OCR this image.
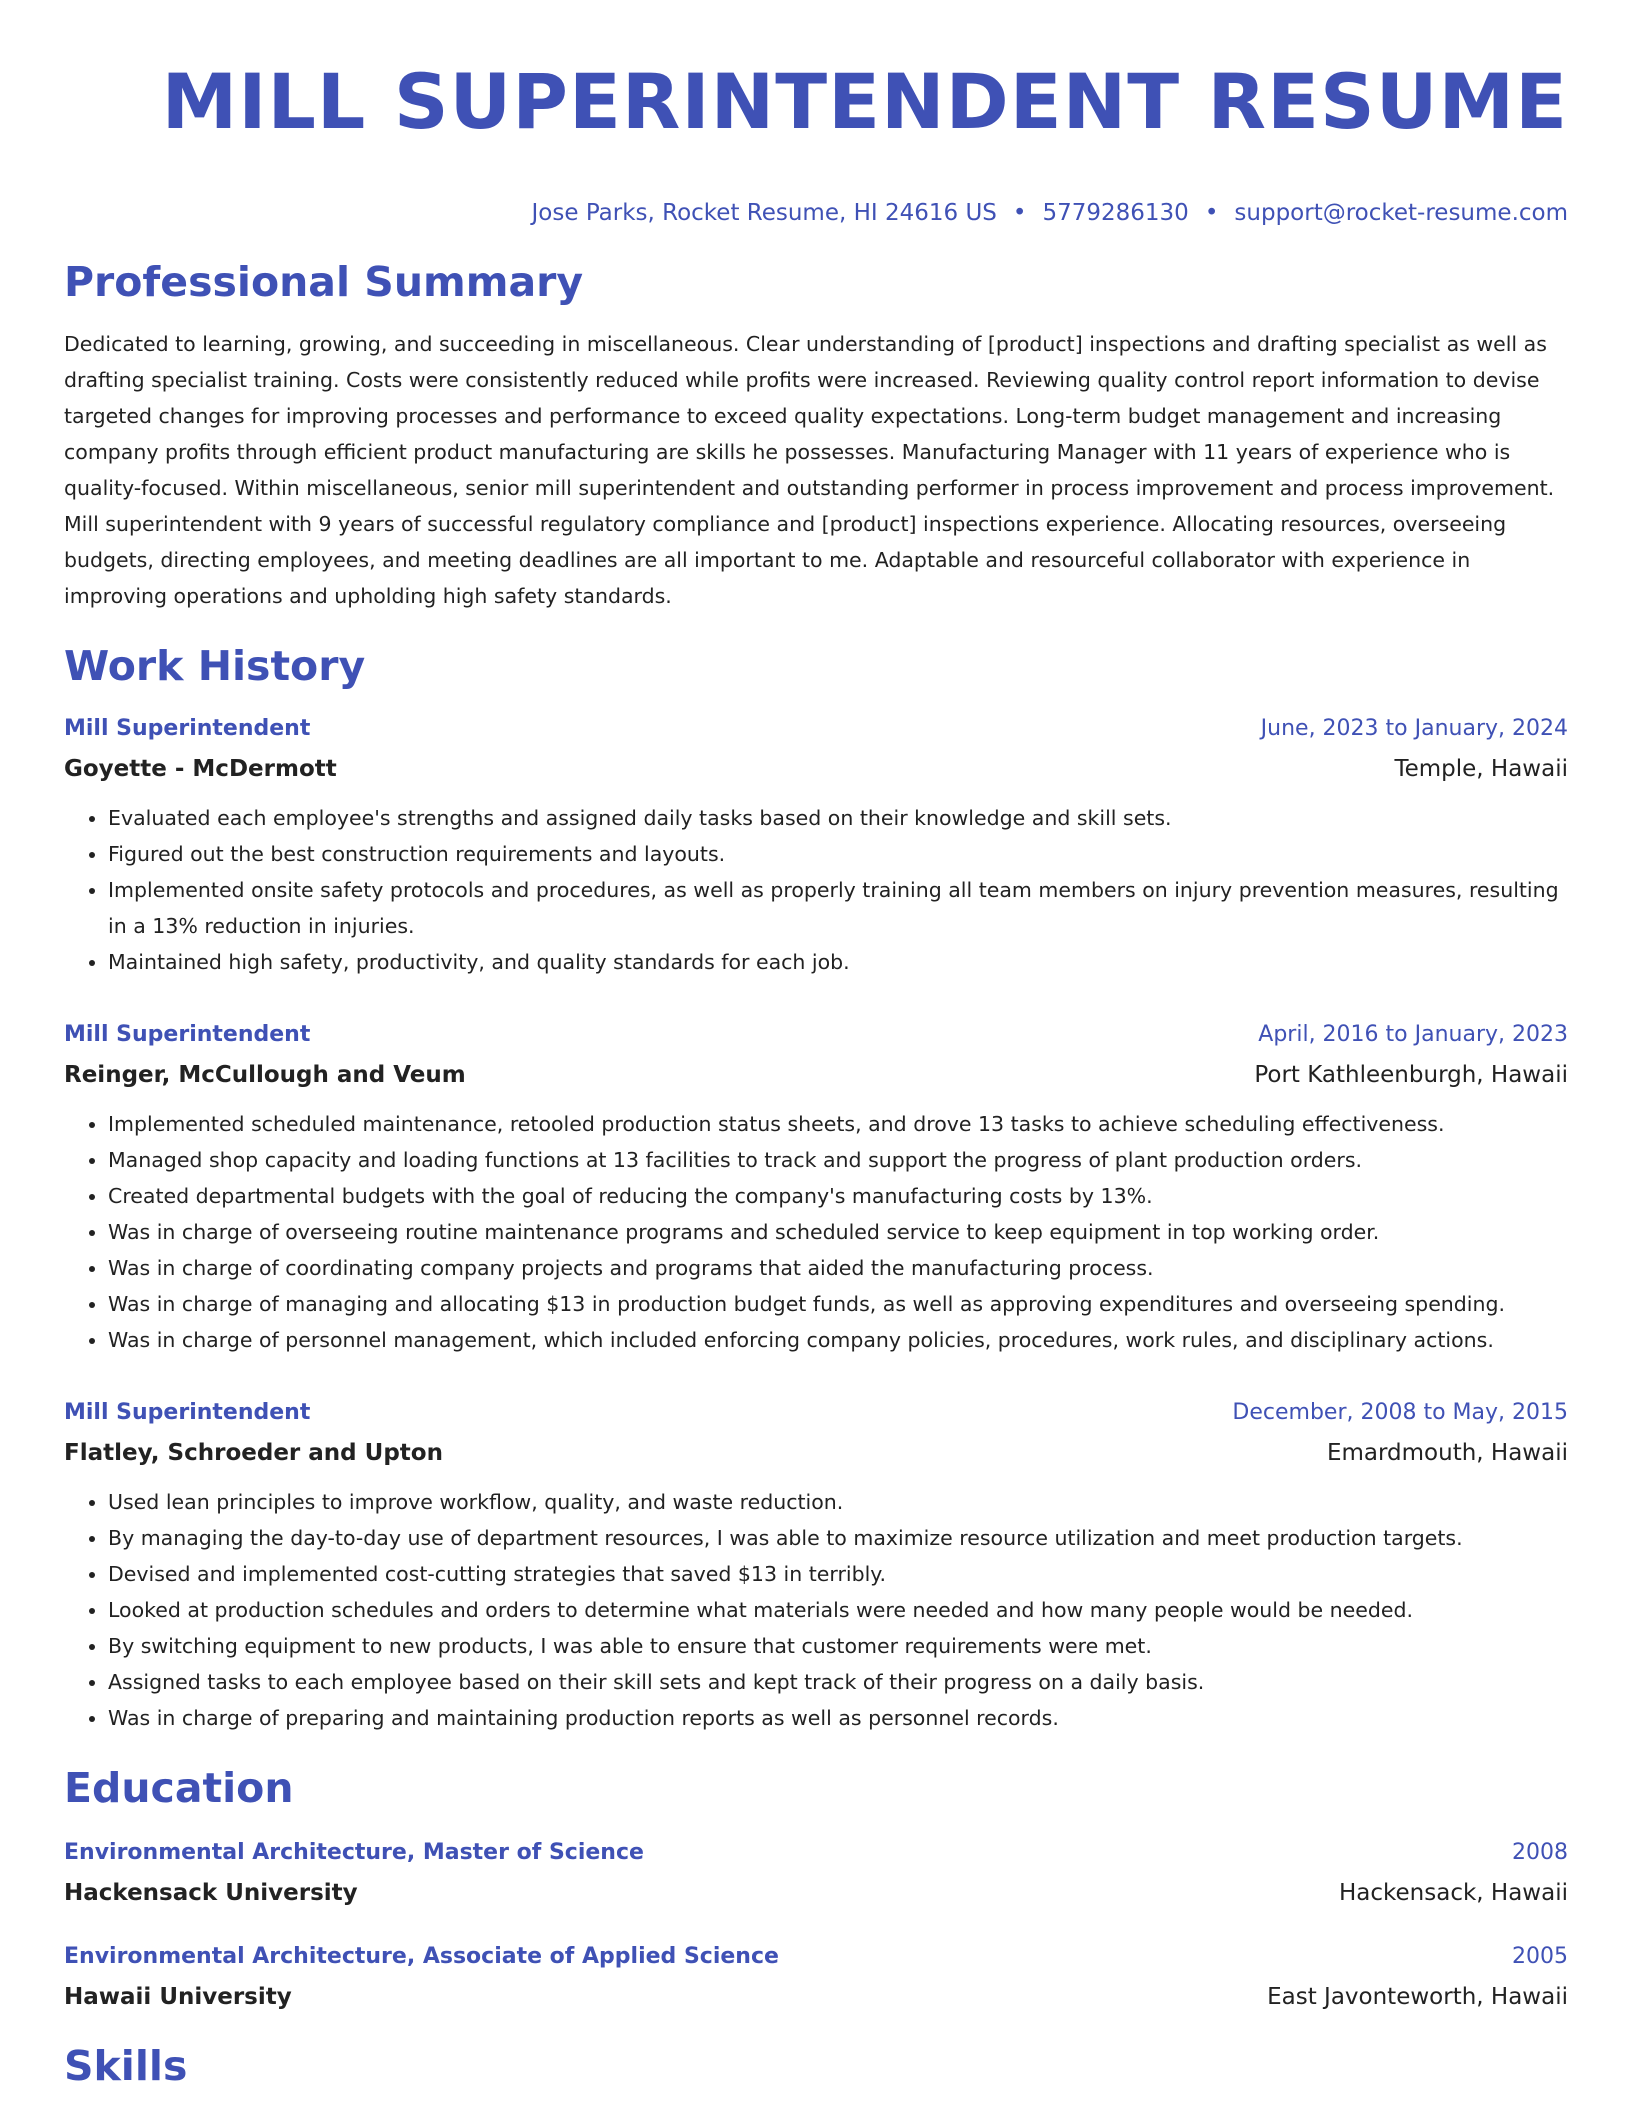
MILL SUPERINTENDENT RESUME
Jose Parks, Rocket Resume, HI 24616 US • 5779286130 • support@rocket-resume.com
Professional Summary
Dedicated to learning, growing, and succeeding in miscellaneous. Clear understanding of [product] inspections and drafting specialist as well as drafting specialist training. Costs were consistently reduced while profits were increased. Reviewing quality control report information to devise targeted changes for improving processes and performance to exceed quality expectations. Long-term budget management and increasing company profits through efficient product manufacturing are skills he possesses. Manufacturing Manager with 11 years of experience who is quality-focused. Within miscellaneous, senior mill superintendent and outstanding performer in process improvement and process improvement. Mill superintendent with 9 years of successful regulatory compliance and [product] inspections experience. Allocating resources, overseeing budgets, directing employees, and meeting deadlines are all important to me. Adaptable and resourceful collaborator with experience in improving operations and upholding high safety standards.
Work History
Mill Superintendent	June, 2023 to January, 2024
Goyette - McDermott	Temple, Hawaii
• Evaluated each employee's strengths and assigned daily tasks based on their knowledge and skill sets.
• Figured out the best construction requirements and layouts.
• Implemented onsite safety protocols and procedures, as well as properly training all team members on injury prevention measures, resulting in a 13% reduction in injuries.
• Maintained high safety, productivity, and quality standards for each job.
Mill Superintendent	April, 2016 to January, 2023
Reinger, McCullough and Veum	Port Kathleenburgh, Hawaii
• Implemented scheduled maintenance, retooled production status sheets, and drove 13 tasks to achieve scheduling effectiveness.
• Managed shop capacity and loading functions at 13 facilities to track and support the progress of plant production orders.
• Created departmental budgets with the goal of reducing the company's manufacturing costs by 13%.
• Was in charge of overseeing routine maintenance programs and scheduled service to keep equipment in top working order.
• Was in charge of coordinating company projects and programs that aided the manufacturing process.
• Was in charge of managing and allocating $13 in production budget funds, as well as approving expenditures and overseeing spending.
• Was in charge of personnel management, which included enforcing company policies, procedures, work rules, and disciplinary actions.
Mill Superintendent	December, 2008 to May, 2015
Flatley, Schroeder and Upton	Emardmouth, Hawaii
• Used lean principles to improve workflow, quality, and waste reduction.
• By managing the day-to-day use of department resources, I was able to maximize resource utilization and meet production targets.
• Devised and implemented cost-cutting strategies that saved $13 in terribly.
• Looked at production schedules and orders to determine what materials were needed and how many people would be needed.
• By switching equipment to new products, I was able to ensure that customer requirements were met.
• Assigned tasks to each employee based on their skill sets and kept track of their progress on a daily basis.
• Was in charge of preparing and maintaining production reports as well as personnel records.
Education
Environmental Architecture, Master of Science	2008
Hackensack University	Hackensack, Hawaii
Environmental Architecture, Associate of Applied Science	2005
Hawaii University	East Javonteworth, Hawaii
Skills
